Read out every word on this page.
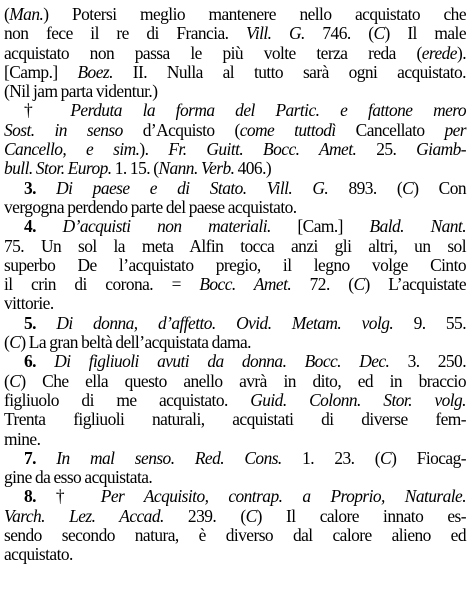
(Man.) Potersi meglio mantenere nello acquistato che
non fece il re di Francia. Vill. G. 746. (C) Il male
acquistato non passa le più volte terza reda (erede).
[Camp.] Boez. II. Nulla al tutto sarà ogni acquistato.
(Nil jam parta videntur.)
† Perduta la forma del Partic. e fattone mero
Sost. in senso d’Acquisto (come tuttodì Cancellato per
Cancello, e sim.). Fr. Guitt. Bocc. Amet. 25. Giamb-
bull. Stor. Europ. 1. 15. (Nann. Verb. 406.)
3. Di paese e di Stato. Vill. G. 893. (C) Con
vergogna perdendo parte del paese acquistato.
4. D’acquisti non materiali. [Cam.] Bald. Nant.
75. Un sol la meta Alfin tocca anzi gli altri, un sol
superbo De l’acquistato pregio, il legno volge Cinto
il crin di corona. = Bocc. Amet. 72. (C) L’acquistate
vittorie.
5. Di donna, d’affetto. Ovid. Metam. volg. 9. 55.
(C) La gran beltà dell’acquistata dama.
6. Di figliuoli avuti da donna. Bocc. Dec. 3. 250.
(C) Che ella questo anello avrà in dito, ed in braccio
figliuolo di me acquistato. Guid. Colonn. Stor. volg.
Trenta figliuoli naturali, acquistati di diverse fem-
mine.
7. In mal senso. Red. Cons. 1. 23. (C) Fiocag-
gine da esso acquistata.
8. † Per Acquisito, contrap. a Proprio, Naturale.
Varch. Lez. Accad. 239. (C) Il calore innato es-
sendo secondo natura, è diverso dal calore alieno ed
acquistato.
